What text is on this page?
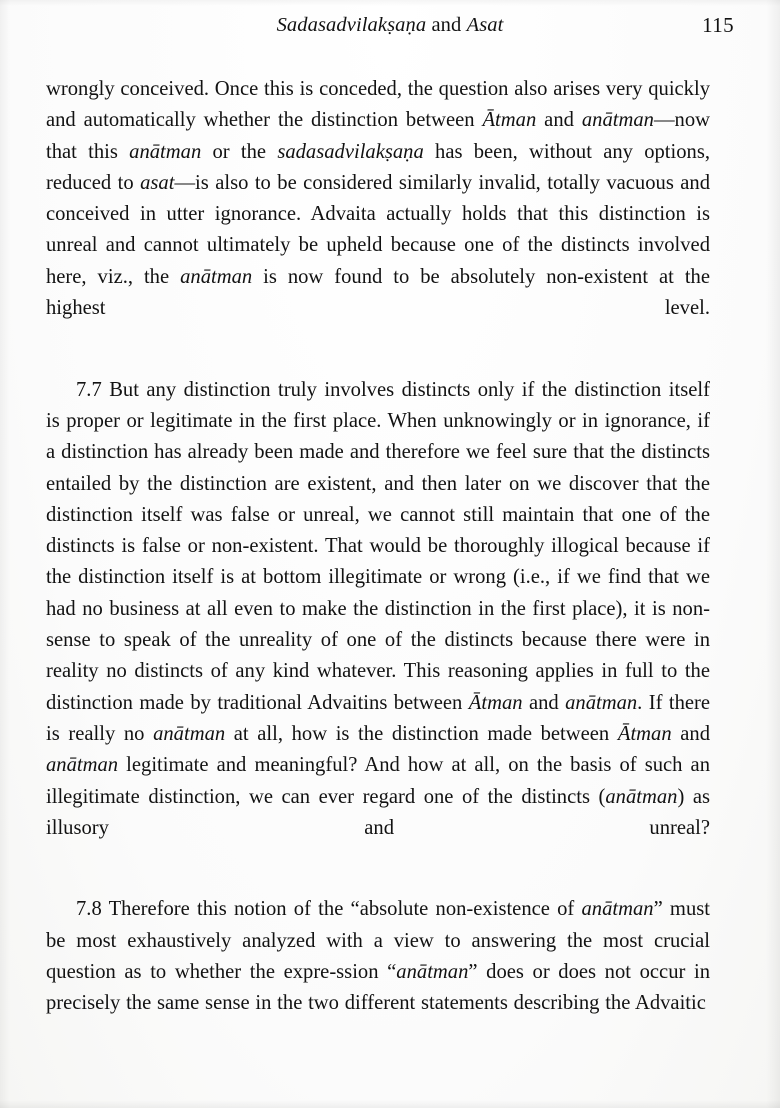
Sadasadvilakṣaṇa and Asat	115

wrongly conceived. Once this is conceded, the question also arises very quickly and automatically whether the distinction between Ātman and anātman—now that this anātman or the sadasadvilakṣaṇa has been, without any options, reduced to asat—is also to be considered similarly invalid, totally vacuous and conceived in utter ignorance. Advaita actually holds that this distinction is unreal and cannot ultimately be upheld because one of the distincts involved here, viz., the anātman is now found to be absolutely non-existent at the highest level.

7.7 But any distinction truly involves distincts only if the distinction itself is proper or legitimate in the first place. When unknowingly or in ignorance, if a distinction has already been made and therefore we feel sure that the distincts entailed by the distinction are existent, and then later on we discover that the distinction itself was false or unreal, we cannot still maintain that one of the distincts is false or non-existent. That would be thoroughly illogical because if the distinction itself is at bottom illegitimate or wrong (i.e., if we find that we had no business at all even to make the distinction in the first place), it is non-sense to speak of the unreality of one of the distincts because there were in reality no distincts of any kind whatever. This reasoning applies in full to the distinction made by traditional Advaitins between Ātman and anātman. If there is really no anātman at all, how is the distinction made between Ātman and anātman legitimate and meaningful? And how at all, on the basis of such an illegitimate distinction, we can ever regard one of the distincts (anātman) as illusory and unreal?

7.8 Therefore this notion of the “absolute non-existence of anātman” must be most exhaustively analyzed with a view to answering the most crucial question as to whether the expre-ssion “anātman” does or does not occur in precisely the same sense in the two different statements describing the Advaitic
